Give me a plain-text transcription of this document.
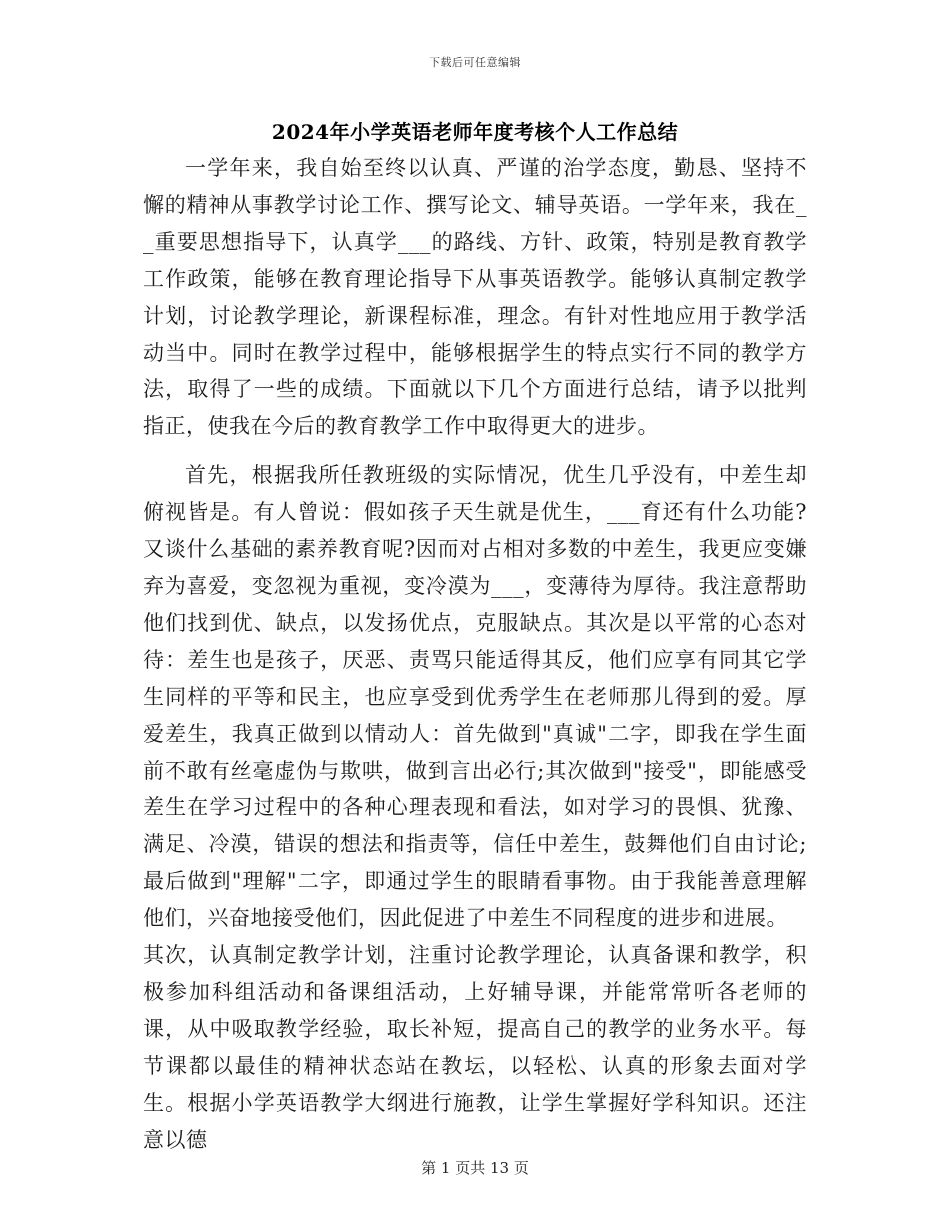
下载后可任意编辑
2024年小学英语老师年度考核个人工作总结

一学年来，我自始至终以认真、严谨的治学态度，勤恳、坚持不懈的精神从事教学讨论工作、撰写论文、辅导英语。一学年来，我在__重要思想指导下，认真学___的路线、方针、政策，特别是教育教学工作政策，能够在教育理论指导下从事英语教学。能够认真制定教学计划，讨论教学理论，新课程标准，理念。有针对性地应用于教学活动当中。同时在教学过程中，能够根据学生的特点实行不同的教学方法，取得了一些的成绩。下面就以下几个方面进行总结，请予以批判指正，使我在今后的教育教学工作中取得更大的进步。

首先，根据我所任教班级的实际情况，优生几乎没有，中差生却俯视皆是。有人曾说：假如孩子天生就是优生，___育还有什么功能?又谈什么基础的素养教育呢?因而对占相对多数的中差生，我更应变嫌弃为喜爱，变忽视为重视，变冷漠为___，变薄待为厚待。我注意帮助他们找到优、缺点，以发扬优点，克服缺点。其次是以平常的心态对待：差生也是孩子，厌恶、责骂只能适得其反，他们应享有同其它学生同样的平等和民主，也应享受到优秀学生在老师那儿得到的爱。厚爱差生，我真正做到以情动人：首先做到"真诚"二字，即我在学生面前不敢有丝毫虚伪与欺哄，做到言出必行;其次做到"接受"，即能感受差生在学习过程中的各种心理表现和看法，如对学习的畏惧、犹豫、满足、冷漠，错误的想法和指责等，信任中差生，鼓舞他们自由讨论;最后做到"理解"二字，即通过学生的眼睛看事物。由于我能善意理解他们，兴奋地接受他们，因此促进了中差生不同程度的进步和进展。

其次，认真制定教学计划，注重讨论教学理论，认真备课和教学，积极参加科组活动和备课组活动，上好辅导课，并能常常听各老师的课，从中吸取教学经验，取长补短，提高自己的教学的业务水平。每节课都以最佳的精神状态站在教坛，以轻松、认真的形象去面对学生。根据小学英语教学大纲进行施教，让学生掌握好学科知识。还注意以德

第 1 页共 13 页
